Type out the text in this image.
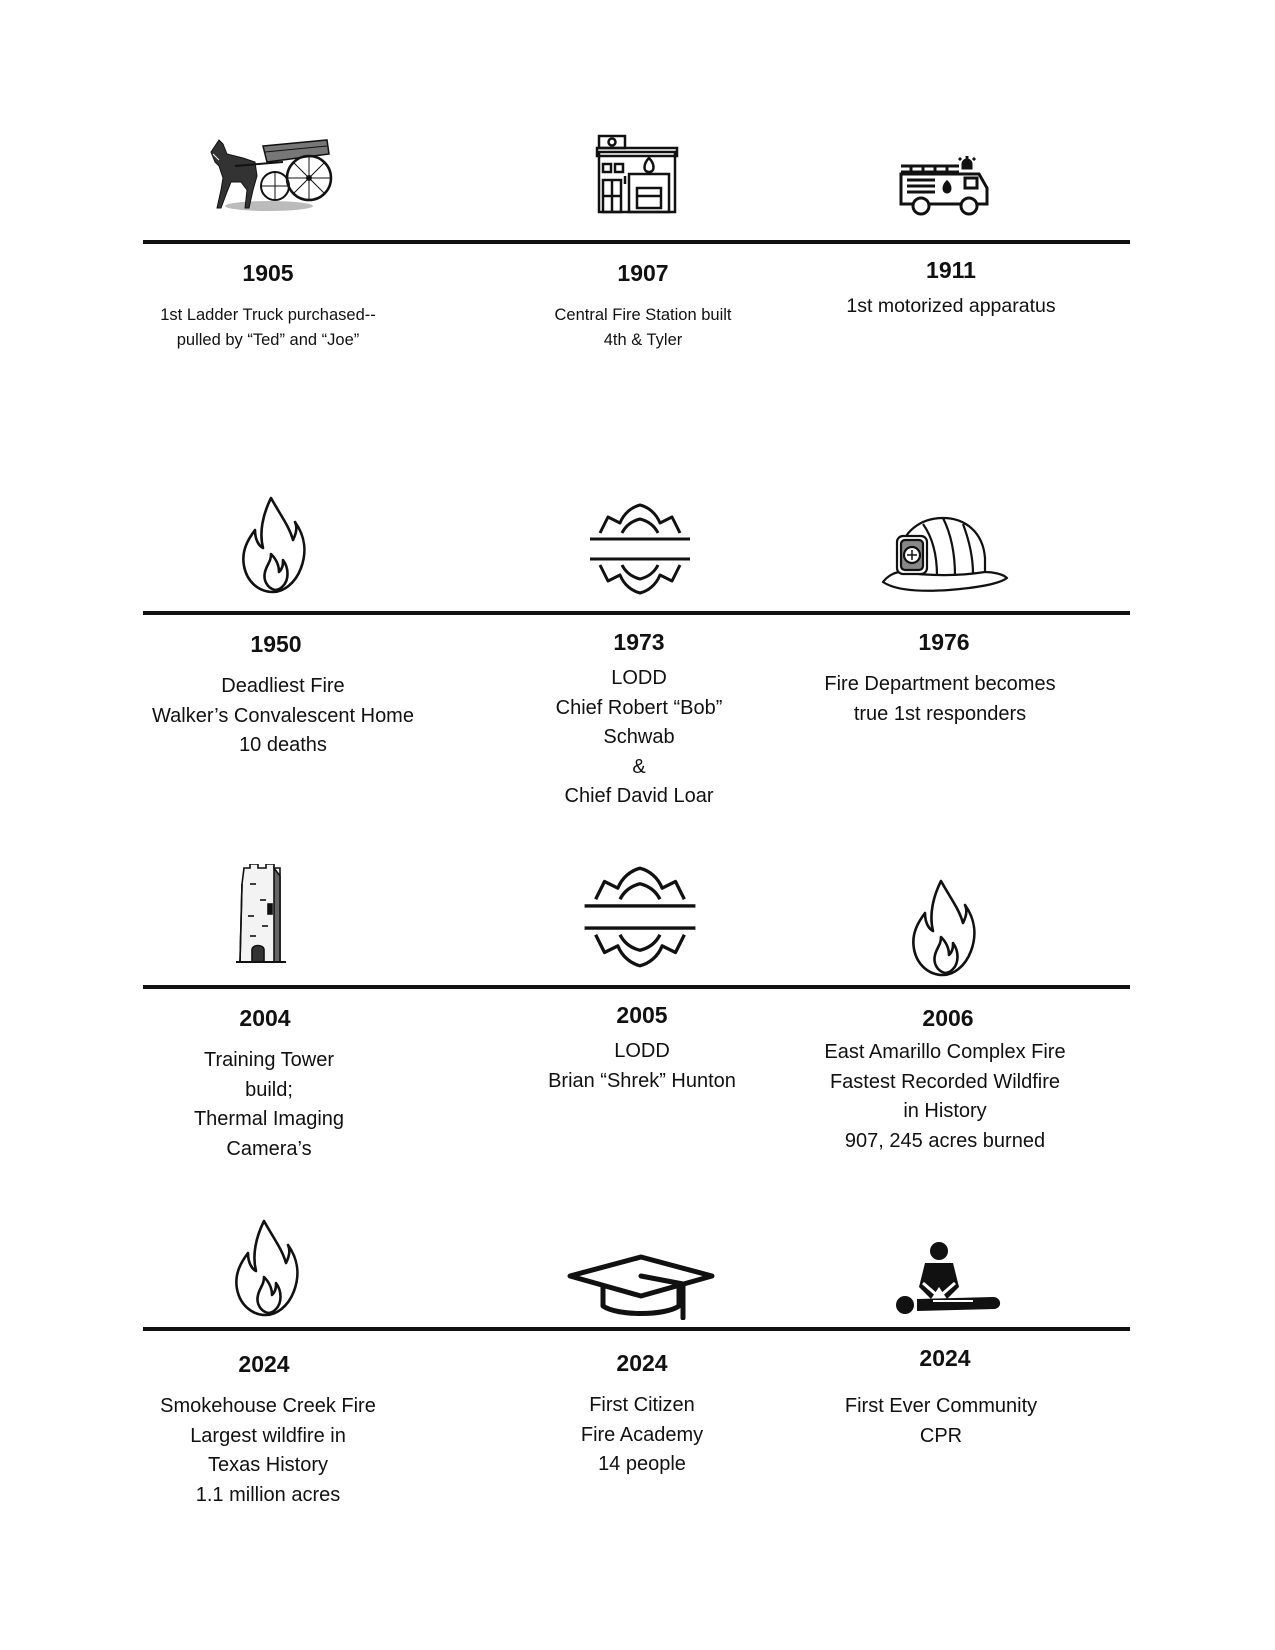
1905
1st Ladder Truck purchased--
pulled by “Ted” and “Joe”
1907
Central Fire Station built
4th & Tyler
1911
1st motorized apparatus
1950
Deadliest Fire
Walker’s Convalescent Home
10 deaths
1973
LODD
Chief Robert “Bob”
Schwab
&
Chief David Loar
1976
Fire Department becomes
true 1st responders
2004
Training Tower
build;
Thermal Imaging
Camera’s
2005
LODD
Brian “Shrek” Hunton
2006
East Amarillo Complex Fire
Fastest Recorded Wildfire
in History
907, 245 acres burned
2024
Smokehouse Creek Fire
Largest wildfire in
Texas History
1.1 million acres
2024
First Citizen
Fire Academy
14 people
2024
First Ever Community
CPR
